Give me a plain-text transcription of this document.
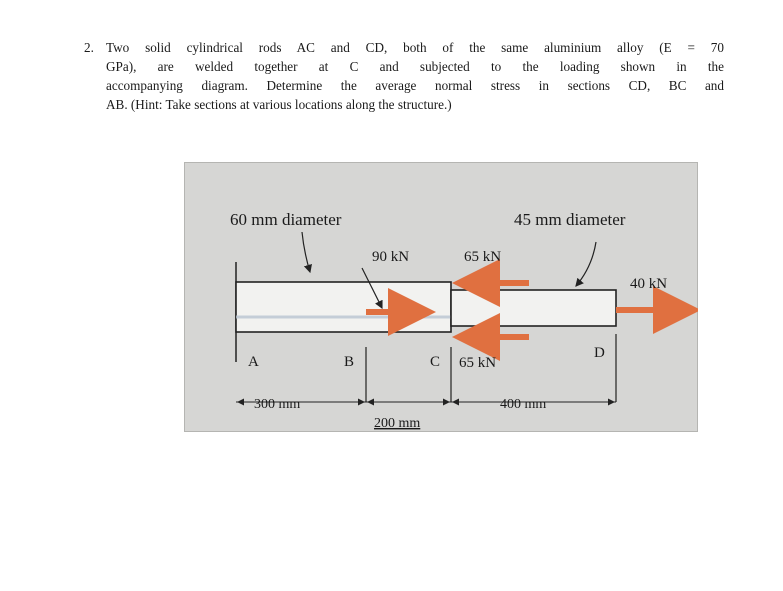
2. Two solid cylindrical rods AC and CD, both of the same aluminium alloy (E = 70
GPa), are welded together at C and subjected to the loading shown in the
accompanying diagram. Determine the average normal stress in sections CD, BC and
AB. (Hint: Take sections at various locations along the structure.)
60 mm diameter	45 mm diameter
90 kN	65 kN
40 kN
65 kN
A	B	C
D
300 mm
200 mm
400 mm
